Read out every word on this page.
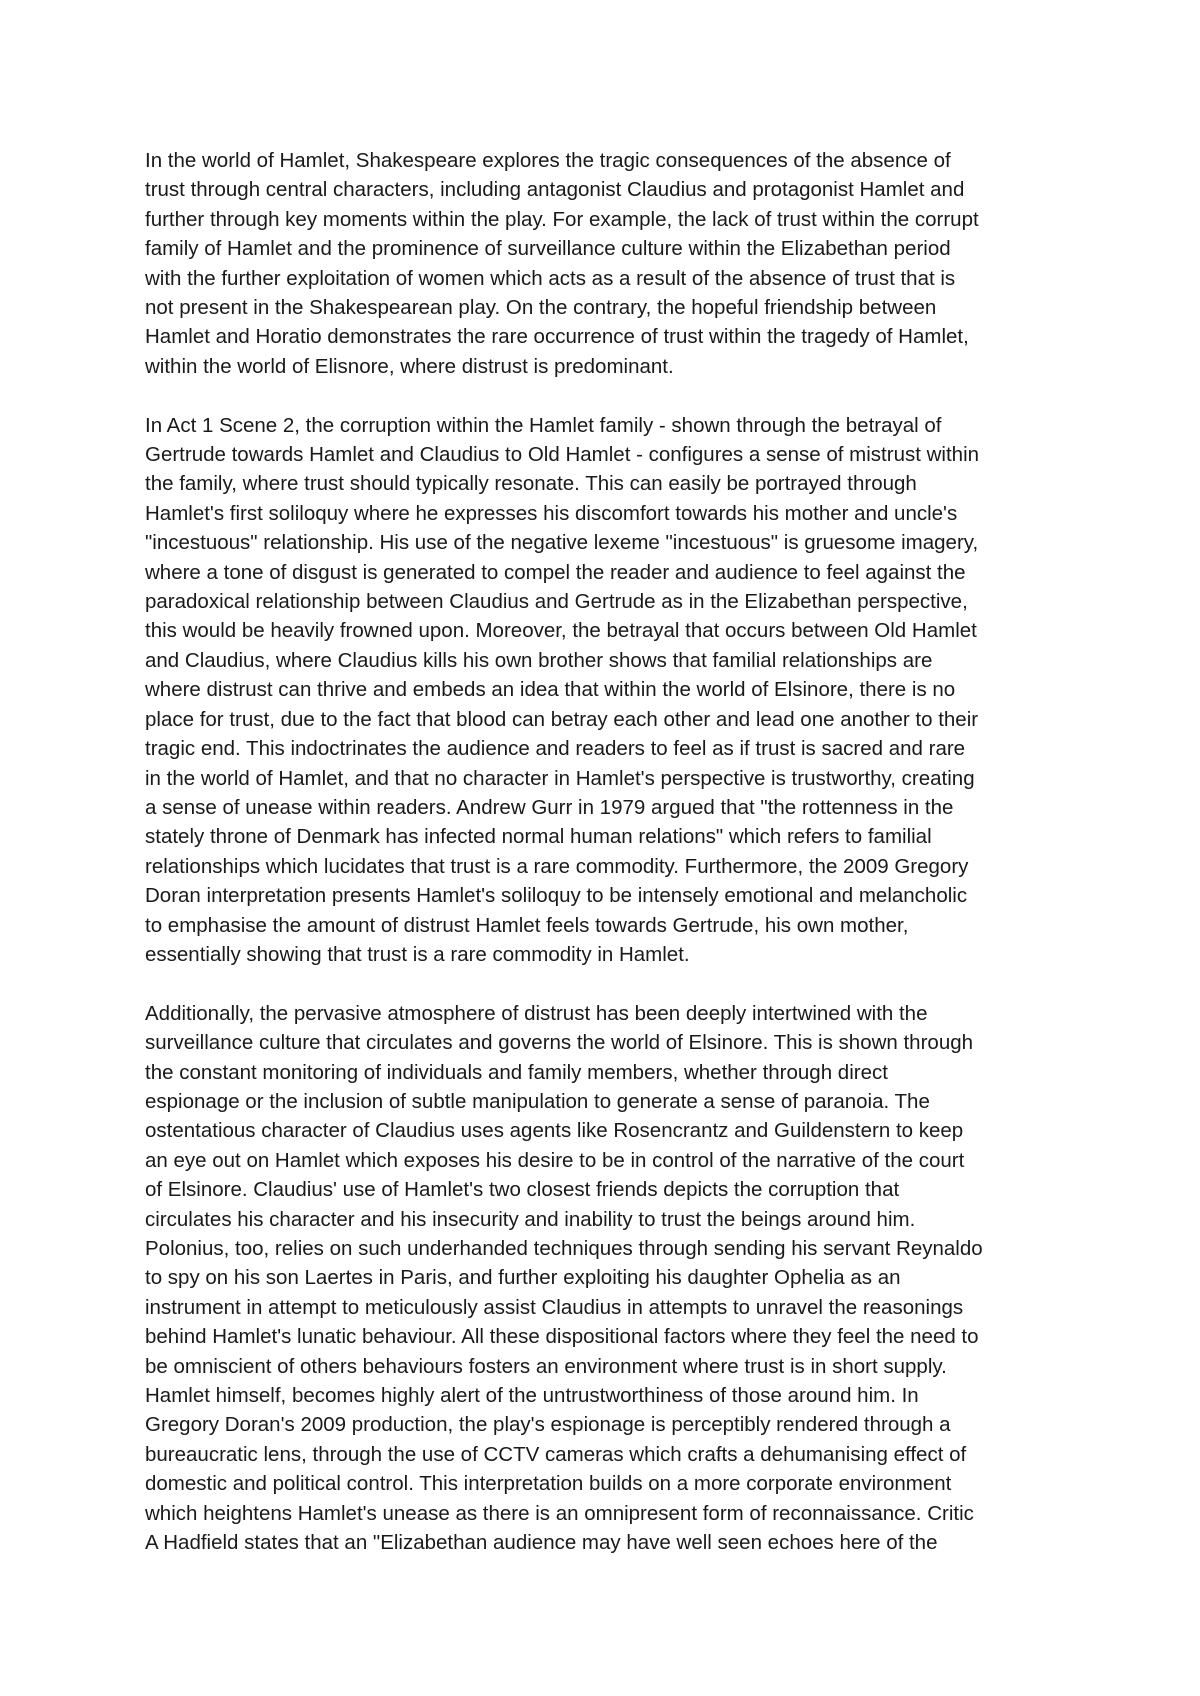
In the world of Hamlet, Shakespeare explores the tragic consequences of the absence of
trust through central characters, including antagonist Claudius and protagonist Hamlet and
further through key moments within the play. For example, the lack of trust within the corrupt
family of Hamlet and the prominence of surveillance culture within the Elizabethan period
with the further exploitation of women which acts as a result of the absence of trust that is
not present in the Shakespearean play. On the contrary, the hopeful friendship between
Hamlet and Horatio demonstrates the rare occurrence of trust within the tragedy of Hamlet,
within the world of Elisnore, where distrust is predominant.
In Act 1 Scene 2, the corruption within the Hamlet family - shown through the betrayal of
Gertrude towards Hamlet and Claudius to Old Hamlet - configures a sense of mistrust within
the family, where trust should typically resonate. This can easily be portrayed through
Hamlet's first soliloquy where he expresses his discomfort towards his mother and uncle's
"incestuous" relationship. His use of the negative lexeme "incestuous" is gruesome imagery,
where a tone of disgust is generated to compel the reader and audience to feel against the
paradoxical relationship between Claudius and Gertrude as in the Elizabethan perspective,
this would be heavily frowned upon. Moreover, the betrayal that occurs between Old Hamlet
and Claudius, where Claudius kills his own brother shows that familial relationships are
where distrust can thrive and embeds an idea that within the world of Elsinore, there is no
place for trust, due to the fact that blood can betray each other and lead one another to their
tragic end. This indoctrinates the audience and readers to feel as if trust is sacred and rare
in the world of Hamlet, and that no character in Hamlet's perspective is trustworthy, creating
a sense of unease within readers. Andrew Gurr in 1979 argued that "the rottenness in the
stately throne of Denmark has infected normal human relations" which refers to familial
relationships which lucidates that trust is a rare commodity. Furthermore, the 2009 Gregory
Doran interpretation presents Hamlet's soliloquy to be intensely emotional and melancholic
to emphasise the amount of distrust Hamlet feels towards Gertrude, his own mother,
essentially showing that trust is a rare commodity in Hamlet.
Additionally, the pervasive atmosphere of distrust has been deeply intertwined with the
surveillance culture that circulates and governs the world of Elsinore. This is shown through
the constant monitoring of individuals and family members, whether through direct
espionage or the inclusion of subtle manipulation to generate a sense of paranoia. The
ostentatious character of Claudius uses agents like Rosencrantz and Guildenstern to keep
an eye out on Hamlet which exposes his desire to be in control of the narrative of the court
of Elsinore. Claudius' use of Hamlet's two closest friends depicts the corruption that
circulates his character and his insecurity and inability to trust the beings around him.
Polonius, too, relies on such underhanded techniques through sending his servant Reynaldo
to spy on his son Laertes in Paris, and further exploiting his daughter Ophelia as an
instrument in attempt to meticulously assist Claudius in attempts to unravel the reasonings
behind Hamlet's lunatic behaviour. All these dispositional factors where they feel the need to
be omniscient of others behaviours fosters an environment where trust is in short supply.
Hamlet himself, becomes highly alert of the untrustworthiness of those around him. In
Gregory Doran's 2009 production, the play's espionage is perceptibly rendered through a
bureaucratic lens, through the use of CCTV cameras which crafts a dehumanising effect of
domestic and political control. This interpretation builds on a more corporate environment
which heightens Hamlet's unease as there is an omnipresent form of reconnaissance. Critic
A Hadfield states that an "Elizabethan audience may have well seen echoes here of the
